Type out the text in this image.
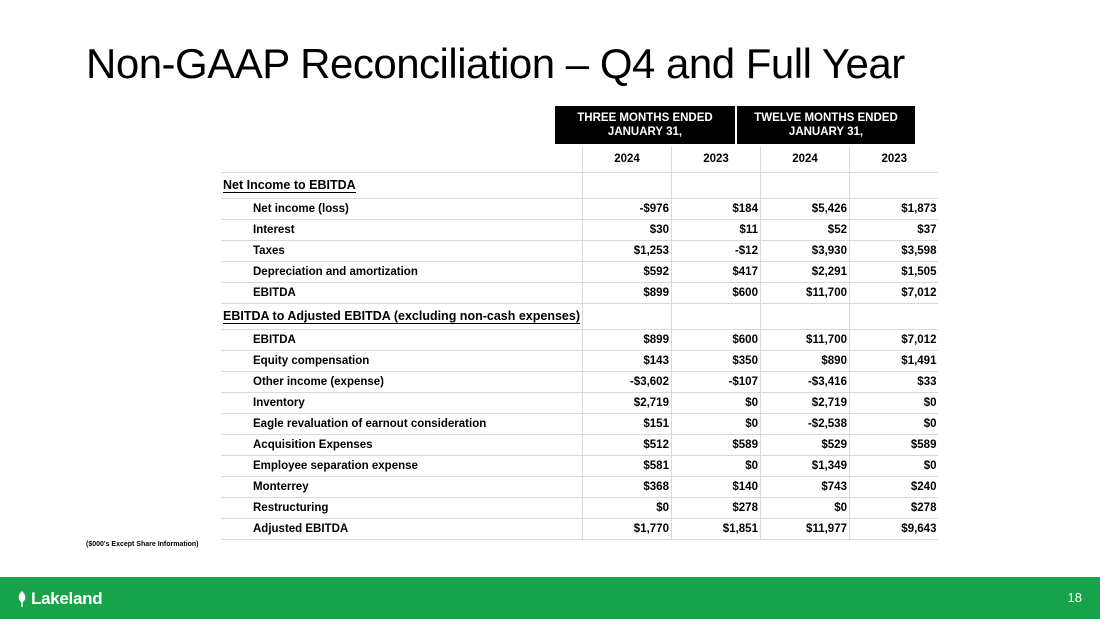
Non-GAAP Reconciliation – Q4 and Full Year
THREE MONTHS ENDED JANUARY 31,
TWELVE MONTHS ENDED JANUARY 31,
	2024	2023	2024	2023
Net Income to EBITDA				
Net income (loss)	-$976	$184	$5,426	$1,873
Interest	$30	$11	$52	$37
Taxes	$1,253	-$12	$3,930	$3,598
Depreciation and amortization	$592	$417	$2,291	$1,505
EBITDA	$899	$600	$11,700	$7,012
EBITDA to Adjusted EBITDA (excluding non-cash expenses)				
EBITDA	$899	$600	$11,700	$7,012
Equity compensation	$143	$350	$890	$1,491
Other income (expense)	-$3,602	-$107	-$3,416	$33
Inventory	$2,719	$0	$2,719	$0
Eagle revaluation of earnout consideration	$151	$0	-$2,538	$0
Acquisition Expenses	$512	$589	$529	$589
Employee separation expense	$581	$0	$1,349	$0
Monterrey	$368	$140	$743	$240
Restructuring	$0	$278	$0	$278
Adjusted EBITDA	$1,770	$1,851	$11,977	$9,643
($000's Except Share Information)
Lakeland	18
